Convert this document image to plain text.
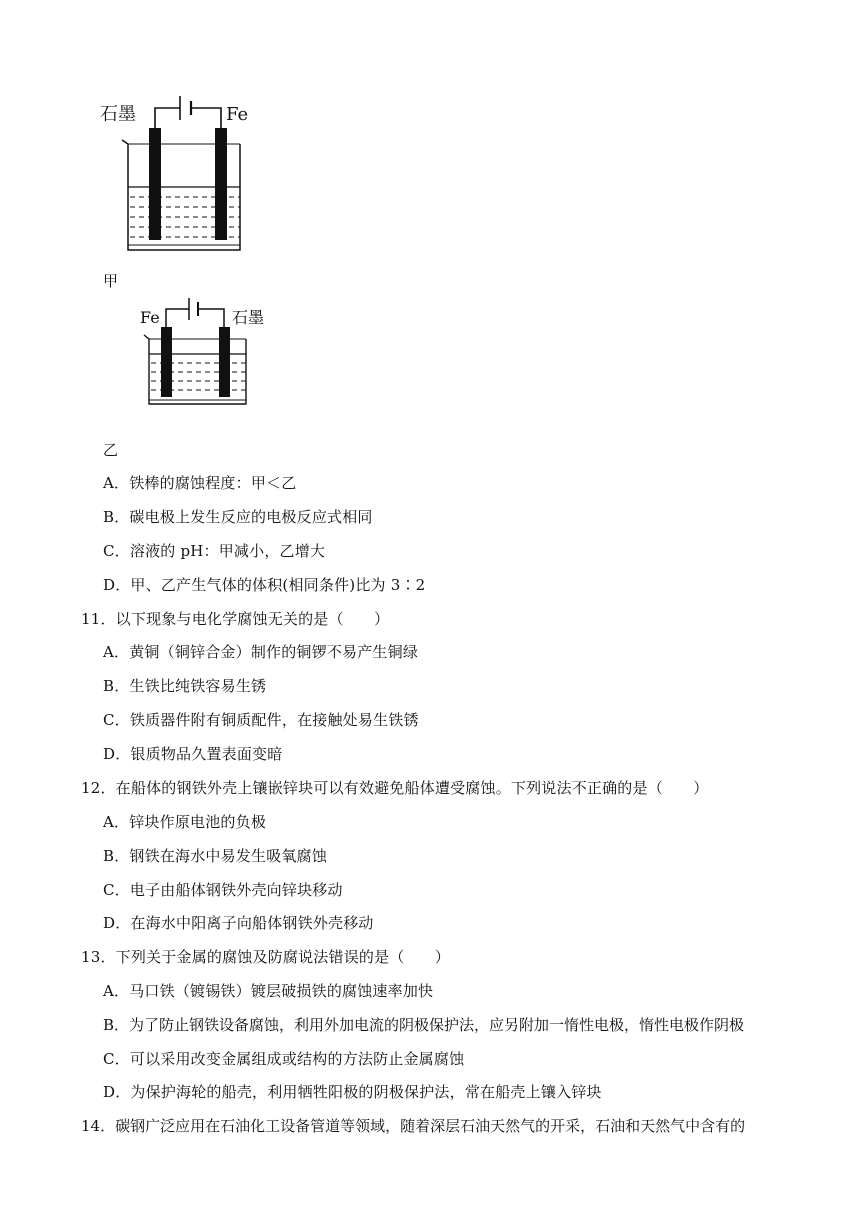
石墨	Fe
甲
Fe	石墨
乙
A．铁棒的腐蚀程度：甲＜乙
B．碳电极上发生反应的电极反应式相同
C．溶液的 pH：甲减小，乙增大
D．甲、乙产生气体的体积(相同条件)比为 3∶2
11．以下现象与电化学腐蚀无关的是（　　）
A．黄铜（铜锌合金）制作的铜锣不易产生铜绿
B．生铁比纯铁容易生锈
C．铁质器件附有铜质配件，在接触处易生铁锈
D．银质物品久置表面变暗
12．在船体的钢铁外壳上镶嵌锌块可以有效避免船体遭受腐蚀。下列说法不正确的是（　　）
A．锌块作原电池的负极
B．钢铁在海水中易发生吸氧腐蚀
C．电子由船体钢铁外壳向锌块移动
D．在海水中阳离子向船体钢铁外壳移动
13．下列关于金属的腐蚀及防腐说法错误的是（　　）
A．马口铁（镀锡铁）镀层破损铁的腐蚀速率加快
B．为了防止钢铁设备腐蚀，利用外加电流的阴极保护法，应另附加一惰性电极，惰性电极作阴极
C．可以采用改变金属组成或结构的方法防止金属腐蚀
D．为保护海轮的船壳，利用牺牲阳极的阴极保护法，常在船壳上镶入锌块
14．碳钢广泛应用在石油化工设备管道等领域，随着深层石油天然气的开采，石油和天然气中含有的
